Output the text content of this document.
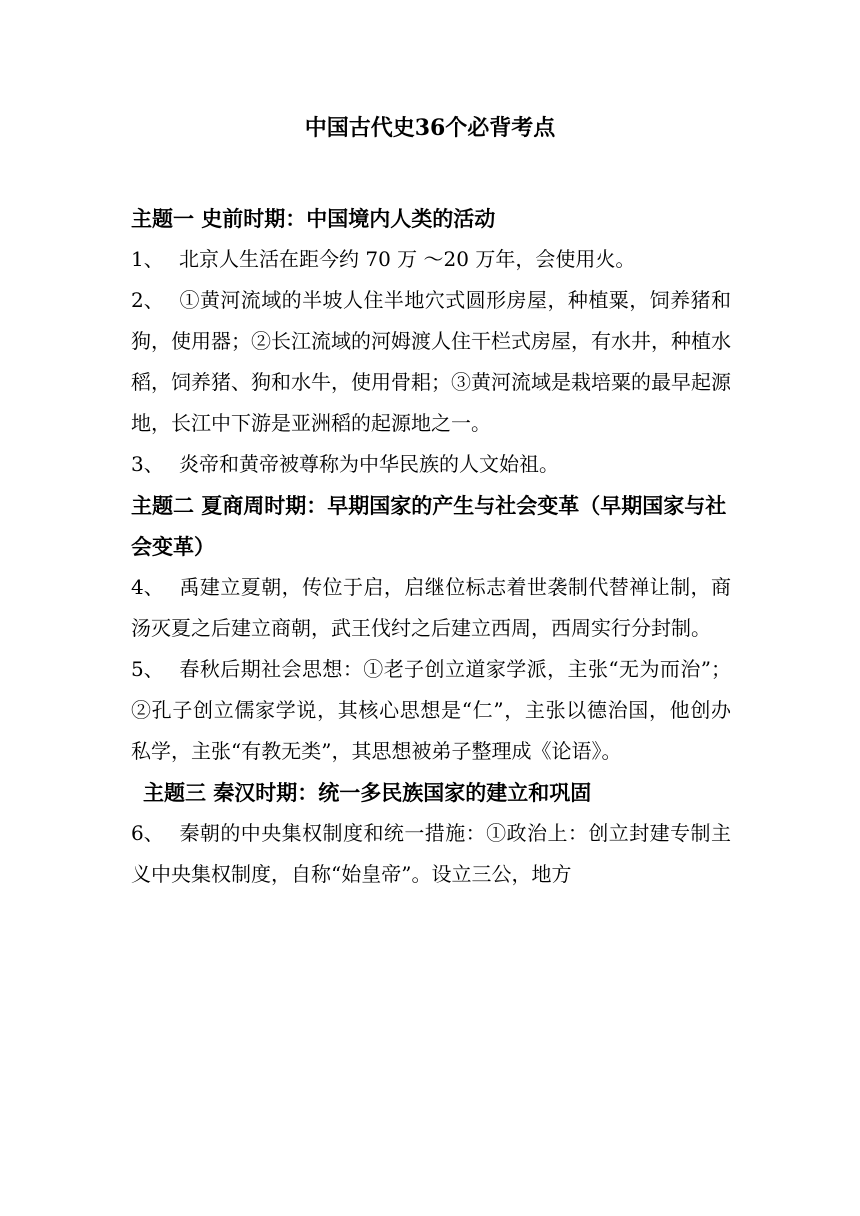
中国古代史36个必背考点

主题一 史前时期：中国境内人类的活动

1、 北京人生活在距今约 70 万 ～20 万年，会使用火。

2、 ①黄河流域的半坡人住半地穴式圆形房屋，种植粟，饲养猪和狗，使用器；②长江流域的河姆渡人住干栏式房屋，有水井，种植水稻，饲养猪、狗和水牛，使用骨耜；③黄河流域是栽培粟的最早起源地，长江中下游是亚洲稻的起源地之一。

3、 炎帝和黄帝被尊称为中华民族的人文始祖。

主题二 夏商周时期：早期国家的产生与社会变革（早期国家与社会变革）

4、 禹建立夏朝，传位于启，启继位标志着世袭制代替禅让制，商汤灭夏之后建立商朝，武王伐纣之后建立西周，西周实行分封制。

5、 春秋后期社会思想：①老子创立道家学派，主张“无为而治”；②孔子创立儒家学说，其核心思想是“仁”，主张以德治国，他创办私学，主张“有教无类”，其思想被弟子整理成《论语》。

主题三 秦汉时期：统一多民族国家的建立和巩固

6、 秦朝的中央集权制度和统一措施：①政治上：创立封建专制主义中央集权制度，自称“始皇帝”。设立三公，地方
